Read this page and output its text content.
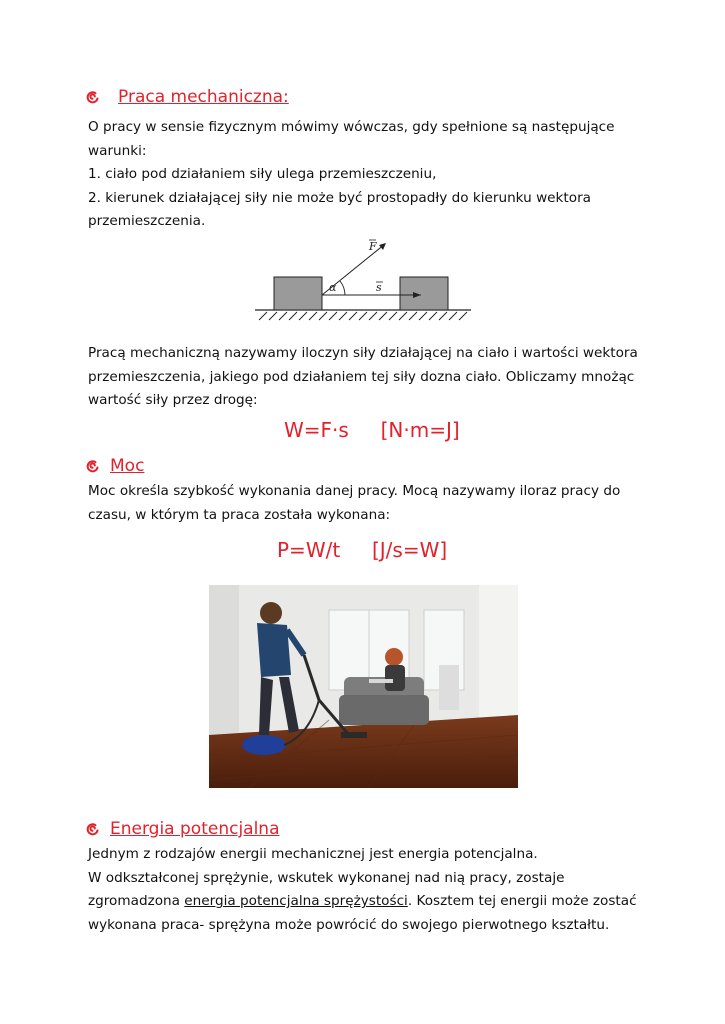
Praca mechaniczna:

O pracy w sensie fizycznym mówimy wówczas, gdy spełnione są następujące

warunki:

1. ciało pod działaniem siły ulega przemieszczeniu,

2. kierunek działającej siły nie może być prostopadły do kierunku wektora

przemieszczenia.

α
F
s

Pracą mechaniczną nazywamy iloczyn siły działającej na ciało i wartości wektora

przemieszczenia, jakiego pod działaniem tej siły dozna ciało. Obliczamy mnożąc

wartość siły przez drogę:

W=F·s     [N·m=J]
Moc

Moc określa szybkość wykonania danej pracy. Mocą nazywamy iloraz pracy do

czasu, w którym ta praca została wykonana:

P=W/t     [J/s=W]
Energia potencjalna

Jednym z rodzajów energii mechanicznej jest energia potencjalna.

W odkształconej sprężynie, wskutek wykonanej nad nią pracy, zostaje

zgromadzona energia potencjalna sprężystości. Kosztem tej energii może zostać

wykonana praca- sprężyna może powrócić do swojego pierwotnego kształtu.
